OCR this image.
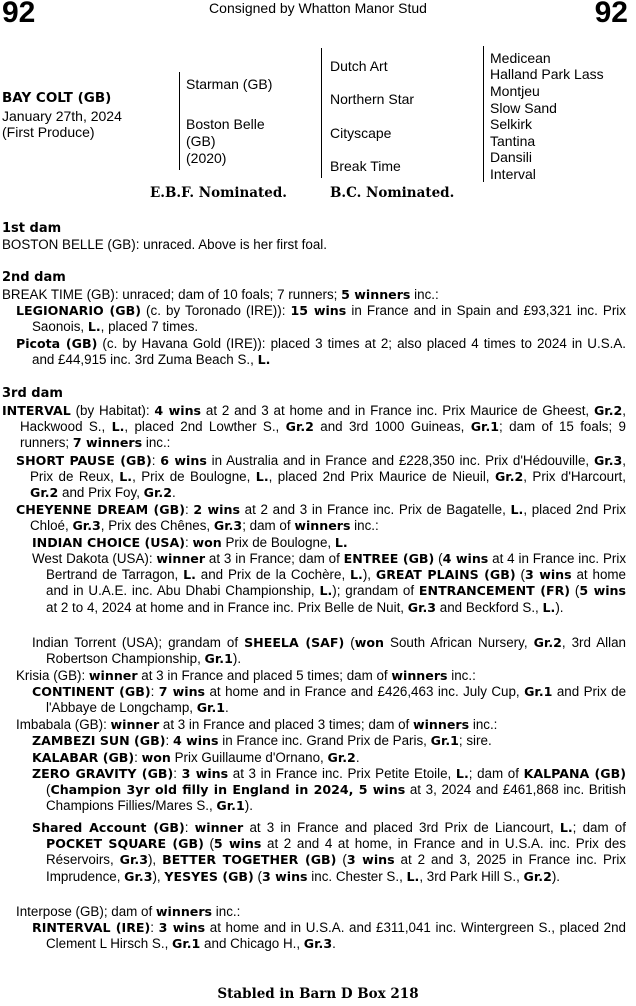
92	92
Consigned by Whatton Manor Stud
BAY COLT (GB)
January 27th, 2024
(First Produce)
Starman (GB)
Boston Belle
(GB)
(2020)
Dutch Art
Northern Star
Cityscape
Break Time
Medicean
Halland Park Lass
Montjeu
Slow Sand
Selkirk
Tantina
Dansili
Interval
E.B.F. Nominated.	B.C. Nominated.
1st dam
BOSTON BELLE (GB): unraced. Above is her first foal.
2nd dam
BREAK TIME (GB): unraced; dam of 10 foals; 7 runners; 5 winners inc.:
LEGIONARIO (GB) (c. by Toronado (IRE)): 15 wins in France and in Spain and £93,321 inc. Prix Saonois, L., placed 7 times.
Picota (GB) (c. by Havana Gold (IRE)): placed 3 times at 2; also placed 4 times to 2024 in U.S.A. and £44,915 inc. 3rd Zuma Beach S., L.
3rd dam
INTERVAL (by Habitat): 4 wins at 2 and 3 at home and in France inc. Prix Maurice de Gheest, Gr.2, Hackwood S., L., placed 2nd Lowther S., Gr.2 and 3rd 1000 Guineas, Gr.1; dam of 15 foals; 9 runners; 7 winners inc.:
SHORT PAUSE (GB): 6 wins in Australia and in France and £228,350 inc. Prix d'Hédouville, Gr.3, Prix de Reux, L., Prix de Boulogne, L., placed 2nd Prix Maurice de Nieuil, Gr.2, Prix d'Harcourt, Gr.2 and Prix Foy, Gr.2.
CHEYENNE DREAM (GB): 2 wins at 2 and 3 in France inc. Prix de Bagatelle, L., placed 2nd Prix Chloé, Gr.3, Prix des Chênes, Gr.3; dam of winners inc.:
INDIAN CHOICE (USA): won Prix de Boulogne, L.
West Dakota (USA): winner at 3 in France; dam of ENTREE (GB) (4 wins at 4 in France inc. Prix Bertrand de Tarragon, L. and Prix de la Cochère, L.), GREAT PLAINS (GB) (3 wins at home and in U.A.E. inc. Abu Dhabi Championship, L.); grandam of ENTRANCEMENT (FR) (5 wins at 2 to 4, 2024 at home and in France inc. Prix Belle de Nuit, Gr.3 and Beckford S., L.).
Indian Torrent (USA); grandam of SHEELA (SAF) (won South African Nursery, Gr.2, 3rd Allan Robertson Championship, Gr.1).
Krisia (GB): winner at 3 in France and placed 5 times; dam of winners inc.:
CONTINENT (GB): 7 wins at home and in France and £426,463 inc. July Cup, Gr.1 and Prix de l'Abbaye de Longchamp, Gr.1.
Imbabala (GB): winner at 3 in France and placed 3 times; dam of winners inc.:
ZAMBEZI SUN (GB): 4 wins in France inc. Grand Prix de Paris, Gr.1; sire.
KALABAR (GB): won Prix Guillaume d'Ornano, Gr.2.
ZERO GRAVITY (GB): 3 wins at 3 in France inc. Prix Petite Etoile, L.; dam of KALPANA (GB) (Champion 3yr old filly in England in 2024, 5 wins at 3, 2024 and £461,868 inc. British Champions Fillies/Mares S., Gr.1).
Shared Account (GB): winner at 3 in France and placed 3rd Prix de Liancourt, L.; dam of POCKET SQUARE (GB) (5 wins at 2 and 4 at home, in France and in U.S.A. inc. Prix des Réservoirs, Gr.3), BETTER TOGETHER (GB) (3 wins at 2 and 3, 2025 in France inc. Prix Imprudence, Gr.3), YESYES (GB) (3 wins inc. Chester S., L., 3rd Park Hill S., Gr.2).
Interpose (GB); dam of winners inc.:
RINTERVAL (IRE): 3 wins at home and in U.S.A. and £311,041 inc. Wintergreen S., placed 2nd Clement L Hirsch S., Gr.1 and Chicago H., Gr.3.
Stabled in Barn D Box 218
